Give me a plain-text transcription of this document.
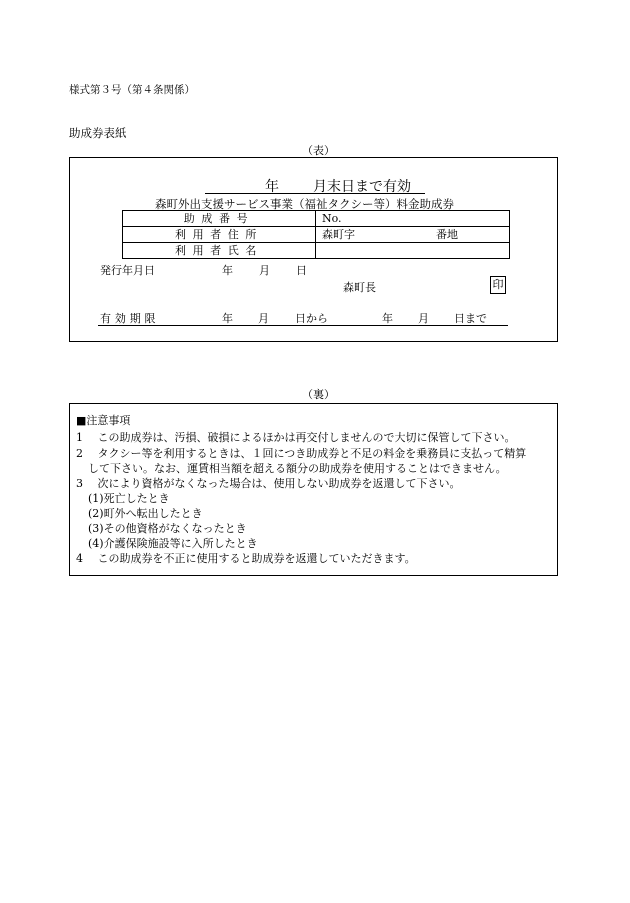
様式第３号（第４条関係）
助成券表紙
（表）
年 月末日まで有効

森町外出支援サービス事業（福祉タクシー等）料金助成券
助成番号	No.
利用者住所	森町字 番地

利用者氏名	
発行年月日	年 月 日
森町長	印
有効期限	年 月 日から	年 月 日まで
（裏）
■注意事項
1　 この助成券は、汚損、破損によるほかは再交付しませんので大切に保管して下さい。
2　 タクシー等を利用するときは、１回につき助成券と不足の料金を乗務員に支払って精算
して下さい。なお、運賃相当額を超える額分の助成券を使用することはできません。
3　 次により資格がなくなった場合は、使用しない助成券を返還して下さい。
(1)死亡したとき
(2)町外へ転出したとき
(3)その他資格がなくなったとき
(4)介護保険施設等に入所したとき
4　 この助成券を不正に使用すると助成券を返還していただきます。
